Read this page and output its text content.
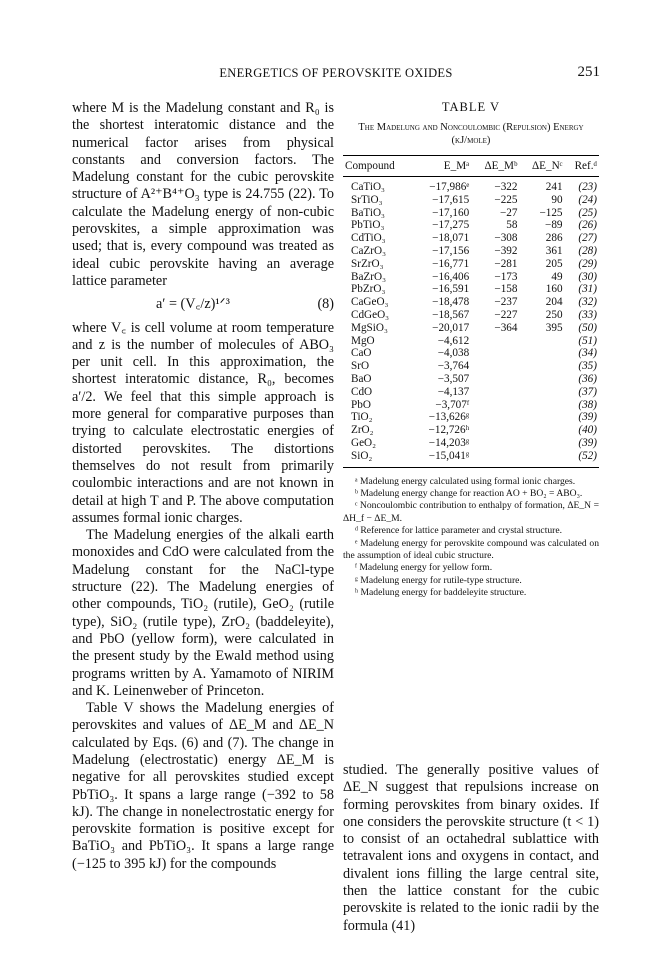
ENERGETICS OF PEROVSKITE OXIDES	251

where M is the Madelung constant and R₀ is the shortest interatomic distance and the numerical factor arises from physical constants and conversion factors. The Madelung constant for the cubic perovskite structure of A²⁺B⁴⁺O₃ type is 24.755 (22). To calculate the Madelung energy of non-cubic perovskites, a simple approximation was used; that is, every compound was treated as ideal cubic perovskite having an average lattice parameter

a′ = (V꜀/z)¹ᐟ³	(8)

where V꜀ is cell volume at room temperature and z is the number of molecules of ABO₃ per unit cell. In this approximation, the shortest interatomic distance, R₀, becomes a′/2. We feel that this simple approach is more general for comparative purposes than trying to calculate electrostatic energies of distorted perovskites. The distortions themselves do not result from primarily coulombic interactions and are not known in detail at high T and P. The above computation assumes formal ionic charges.

The Madelung energies of the alkali earth monoxides and CdO were calculated from the Madelung constant for the NaCl-type structure (22). The Madelung energies of other compounds, TiO₂ (rutile), GeO₂ (rutile type), SiO₂ (rutile type), ZrO₂ (baddeleyite), and PbO (yellow form), were calculated in the present study by the Ewald method using programs written by A. Yamamoto of NIRIM and K. Leinenweber of Princeton.

Table V shows the Madelung energies of perovskites and values of ΔE_M and ΔE_N calculated by Eqs. (6) and (7). The change in Madelung (electrostatic) energy ΔE_M is negative for all perovskites studied except PbTiO₃. It spans a large range (−392 to 58 kJ). The change in nonelectrostatic energy for perovskite formation is positive except for BaTiO₃ and PbTiO₃. It spans a large range (−125 to 395 kJ) for the compounds

TABLE V
The Madelung and Noncoulombic (Repulsion) Energy (kJ/mole)
Compound	E_Mᵃ	ΔE_Mᵇ	ΔE_Nᶜ	Ref.ᵈ
CaTiO₃	−17,986ᵉ	−322	241	(23)
SrTiO₃	−17,615	−225	90	(24)
BaTiO₃	−17,160	−27	−125	(25)
PbTiO₃	−17,275	58	−89	(26)
CdTiO₃	−18,071	−308	286	(27)
CaZrO₃	−17,156	−392	361	(28)
SrZrO₃	−16,771	−281	205	(29)
BaZrO₃	−16,406	−173	49	(30)
PbZrO₃	−16,591	−158	160	(31)
CaGeO₃	−18,478	−237	204	(32)
CdGeO₃	−18,567	−227	250	(33)
MgSiO₃	−20,017	−364	395	(50)
MgO	−4,612			(51)
CaO	−4,038			(34)
SrO	−3,764			(35)
BaO	−3,507			(36)
CdO	−4,137			(37)
PbO	−3,707ᶠ			(38)
TiO₂	−13,626ᵍ			(39)
ZrO₂	−12,726ʰ			(40)
GeO₂	−14,203ᵍ			(39)
SiO₂	−15,041ᵍ			(52)

ᵃ Madelung energy calculated using formal ionic charges.

ᵇ Madelung energy change for reaction AO + BO₂ = ABO₃.

ᶜ Noncoulombic contribution to enthalpy of formation, ΔE_N = ΔH_f − ΔE_M.

ᵈ Reference for lattice parameter and crystal structure.

ᵉ Madelung energy for perovskite compound was calculated on the assumption of ideal cubic structure.

ᶠ Madelung energy for yellow form.

ᵍ Madelung energy for rutile-type structure.

ʰ Madelung energy for baddeleyite structure.

studied. The generally positive values of ΔE_N suggest that repulsions increase on forming perovskites from binary oxides. If one considers the perovskite structure (t < 1) to consist of an octahedral sublattice with tetravalent ions and oxygens in contact, and divalent ions filling the large central site, then the lattice constant for the cubic perovskite is related to the ionic radii by the formula (41)
